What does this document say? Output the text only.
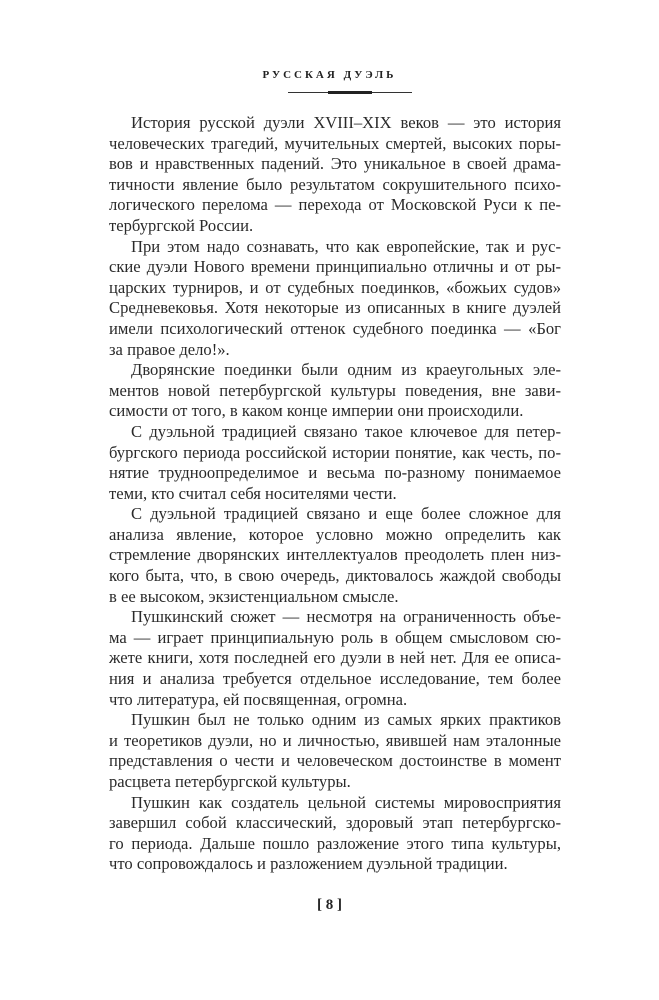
РУССКАЯ ДУЭЛЬ
История русской дуэли XVIII–XIX веков — это история
человеческих трагедий, мучительных смертей, высоких поры-
вов и нравственных падений. Это уникальное в своей драма-
тичности явление было результатом сокрушительного психо-
логического перелома — перехода от Московской Руси к пе-
тербургской России.
При этом надо сознавать, что как европейские, так и рус-
ские дуэли Нового времени принципиально отличны и от ры-
царских турниров, и от судебных поединков, «божьих судов»
Средневековья. Хотя некоторые из описанных в книге дуэлей
имели психологический оттенок судебного поединка — «Бог
за правое дело!».
Дворянские поединки были одним из краеугольных эле-
ментов новой петербургской культуры поведения, вне зави-
симости от того, в каком конце империи они происходили.
С дуэльной традицией связано такое ключевое для петер-
бургского периода российской истории понятие, как честь, по-
нятие трудноопределимое и весьма по-разному понимаемое
теми, кто считал себя носителями чести.
С дуэльной традицией связано и еще более сложное для
анализа явление, которое условно можно определить как
стремление дворянских интеллектуалов преодолеть плен низ-
кого быта, что, в свою очередь, диктовалось жаждой свободы
в ее высоком, экзистенциальном смысле.
Пушкинский сюжет — несмотря на ограниченность объе-
ма — играет принципиальную роль в общем смысловом сю-
жете книги, хотя последней его дуэли в ней нет. Для ее описа-
ния и анализа требуется отдельное исследование, тем более
что литература, ей посвященная, огромна.
Пушкин был не только одним из самых ярких практиков
и теоретиков дуэли, но и личностью, явившей нам эталонные
представления о чести и человеческом достоинстве в момент
расцвета петербургской культуры.
Пушкин как создатель цельной системы мировосприятия
завершил собой классический, здоровый этап петербургско-
го периода. Дальше пошло разложение этого типа культуры,
что сопровождалось и разложением дуэльной традиции.
[ 8 ]
